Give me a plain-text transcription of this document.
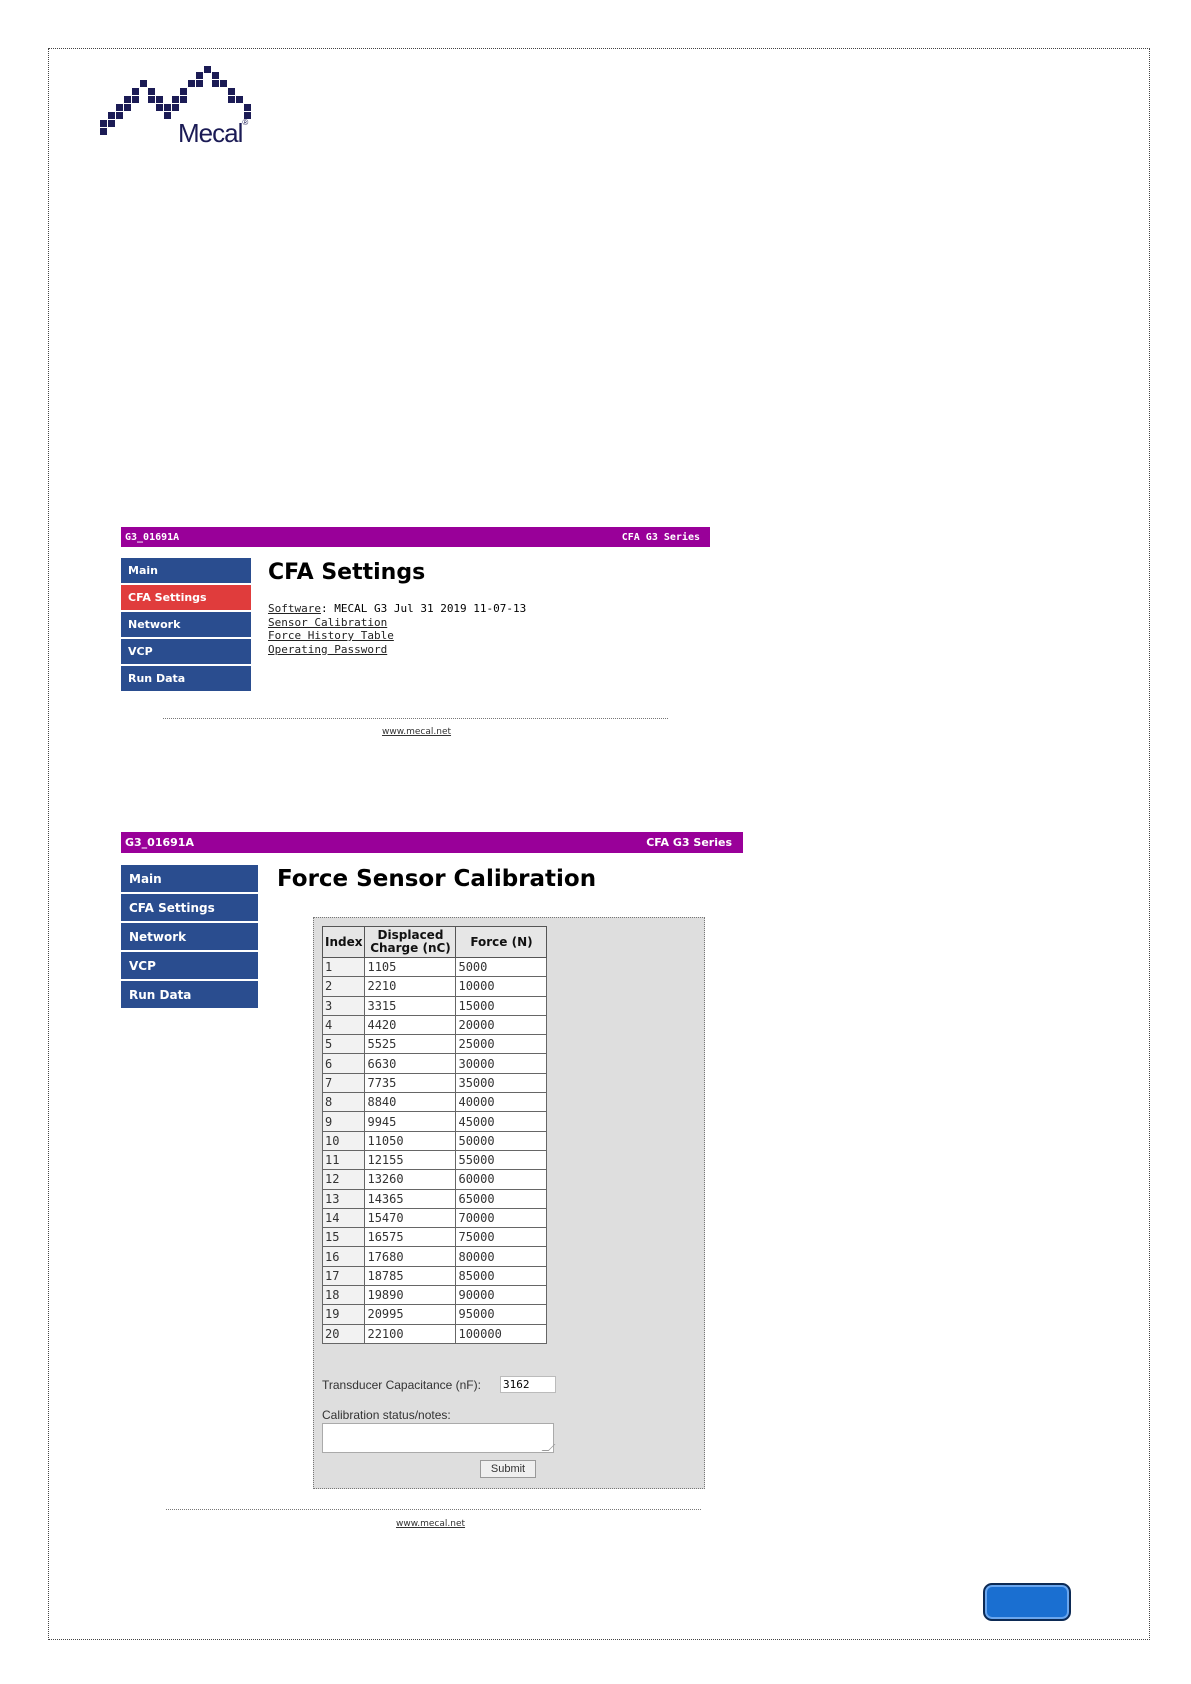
Mecal®
G3_01691A	CFA G3 Series
Main
CFA Settings
Network
VCP
Run Data
CFA Settings
Software: MECAL G3 Jul 31 2019 11-07-13
Sensor Calibration
Force History Table
Operating Password
www.mecal.net
G3_01691A	CFA G3 Series
Main
CFA Settings
Network
VCP
Run Data
Force Sensor Calibration
Index	Displaced Charge (nC)	Force (N)
1	1105	5000
2	2210	10000
3	3315	15000
4	4420	20000
5	5525	25000
6	6630	30000
7	7735	35000
8	8840	40000
9	9945	45000
10	11050	50000
11	12155	55000
12	13260	60000
13	14365	65000
14	15470	70000
15	16575	75000
16	17680	80000
17	18785	85000
18	19890	90000
19	20995	95000
20	22100	100000
Transducer Capacitance (nF): 3162
Calibration status/notes:
Submit
www.mecal.net
